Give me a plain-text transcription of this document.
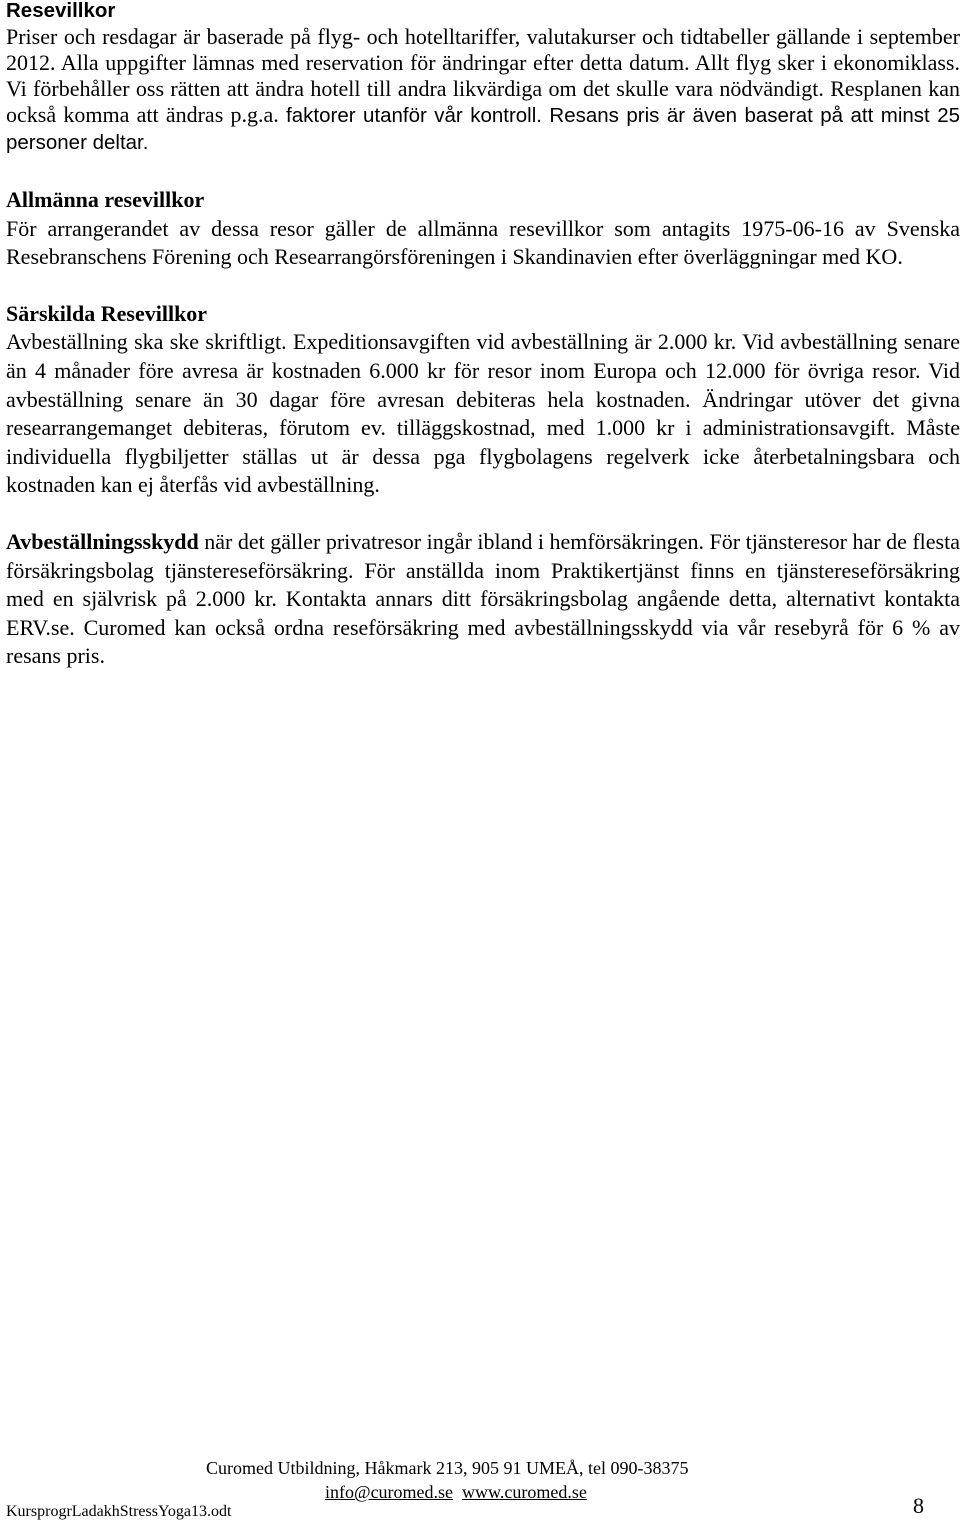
Resevillkor
Priser och resdagar är baserade på flyg- och hotelltariffer, valutakurser och tidtabeller gällande i september 2012. Alla uppgifter lämnas med reservation för ändringar efter detta datum. Allt flyg sker i ekonomiklass. Vi förbehåller oss rätten att ändra hotell till andra likvärdiga om det skulle vara nödvändigt. Resplanen kan också komma att ändras p.g.a. faktorer utanför vår kontroll. Resans pris är även baserat på att minst 25 personer deltar.

Allmänna resevillkor
För arrangerandet av dessa resor gäller de allmänna resevillkor som antagits 1975-06-16 av Svenska Resebranschens Förening och Researrangörsföreningen i Skandinavien efter överläggningar med KO.

Särskilda Resevillkor
Avbeställning ska ske skriftligt. Expeditionsavgiften vid avbeställning är 2.000 kr. Vid avbeställning senare än 4 månader före avresa är kostnaden 6.000 kr för resor inom Europa och 12.000 för övriga resor. Vid avbeställning senare än 30 dagar före avresan debiteras hela kostnaden. Ändringar utöver det givna researrangemanget debiteras, förutom ev. tilläggskostnad, med 1.000 kr i administrationsavgift. Måste individuella flygbiljetter ställas ut är dessa pga flygbolagens regelverk icke återbetalningsbara och kostnaden kan ej återfås vid avbeställning.

Avbeställningsskydd när det gäller privatresor ingår ibland i hemförsäkringen. För tjänsteresor har de flesta försäkringsbolag tjänstereseförsäkring. För anställda inom Praktikertjänst finns en tjänstereseförsäkring med en självrisk på 2.000 kr. Kontakta annars ditt försäkringsbolag angående detta, alternativt kontakta ERV.se. Curomed kan också ordna reseförsäkring med avbeställningsskydd via vår resebyrå för 6 % av resans pris.

Curomed Utbildning, Håkmark 213, 905 91 UMEÅ, tel 090-38375
info@curomed.se www.curomed.se
KursprogrLadakhStressYoga13.odt	8
